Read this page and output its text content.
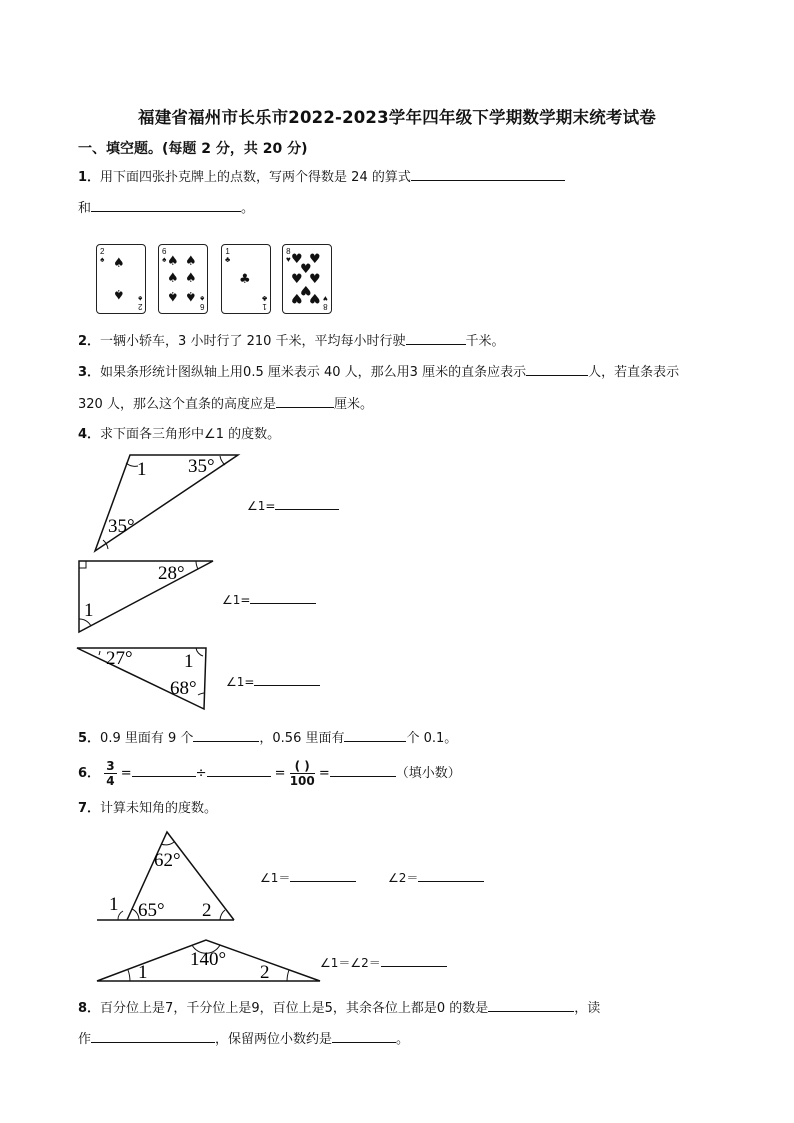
福建省福州市长乐市2022-2023学年四年级下学期数学期末统考试卷
一、填空题。(每题 2 分，共 20 分)
1．用下面四张扑克牌上的点数，写两个得数是 24 的算式
和	。
2
♠
2
♠
♠
♠
6
♠
6
♠
♠ ♠
♠ ♠
♠ ♠
1
♣
1
♣
♣
8
♥
8
♥
♥ ♥
♥
♥ ♥
♥
♥ ♥
2．一辆小轿车，3 小时行了 210 千米，平均每小时行驶	千米。
3．如果条形统计图纵轴上用0.5 厘米表示 40 人，那么用3 厘米的直条应表示	人，若直条表示
320 人，那么这个直条的高度应是	厘米。
4．求下面各三角形中∠1 的度数。
1 35°
35°
∠1=
28°
1	∠1=
27°	1
68° ∠1=
5．0.9 里面有 9 个	，0.56 里面有	个 0.1。
6． $\frac{3}{4}$ =	÷	= $\frac{( )}{100}$ =	（填小数）
7．计算未知角的度数。
62°
65°
1	2
∠1＝	∠2＝
140°
1	2	∠1＝∠2＝
8．百分位上是7，千分位上是9，百位上是5，其余各位上都是0 的数是	，读
作	，保留两位小数约是	。
